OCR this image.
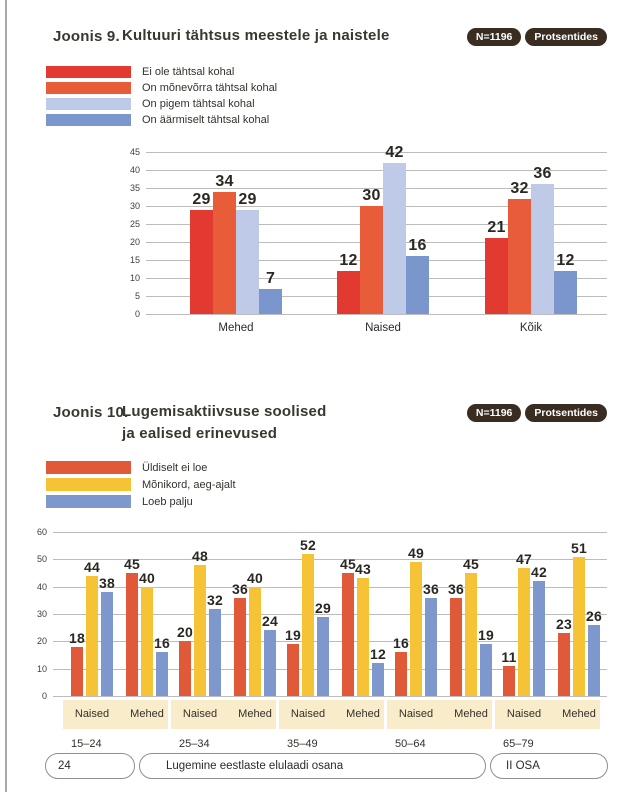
Joonis 9. Kultuuri tähtsus meestele ja naistele	N=1196	Protsentides
Ei ole tähtsal kohal
On mõnevõrra tähtsal kohal
On pigem tähtsal kohal
On äärmiselt tähtsal kohal
0
5
10
15
20
25
30
35
40
45
29
34
29
7
Mehed
12
30
42
16
Naised
21
32
36
12
Kõik
Joonis 10.
Lugemisaktiivsuse soolised
ja ealised erinevused
N=1196	Protsentides
Üldiselt ei loe
Mõnikord, aeg-ajalt
Loeb palju
0
10
20
30
40
50
60
18
44
38
Naised
45
40
16
Mehed
15–24
20
48
32
Naised
36
40
24
Mehed
25–34
19
52
29
Naised
45 43
12
Mehed
35–49
16
49
36
Naised
36
45
19
Mehed
50–64
11
47
42
Naised
23
51
26
Mehed
65–79
24	Lugemine eestlaste elulaadi osana	II OSA
